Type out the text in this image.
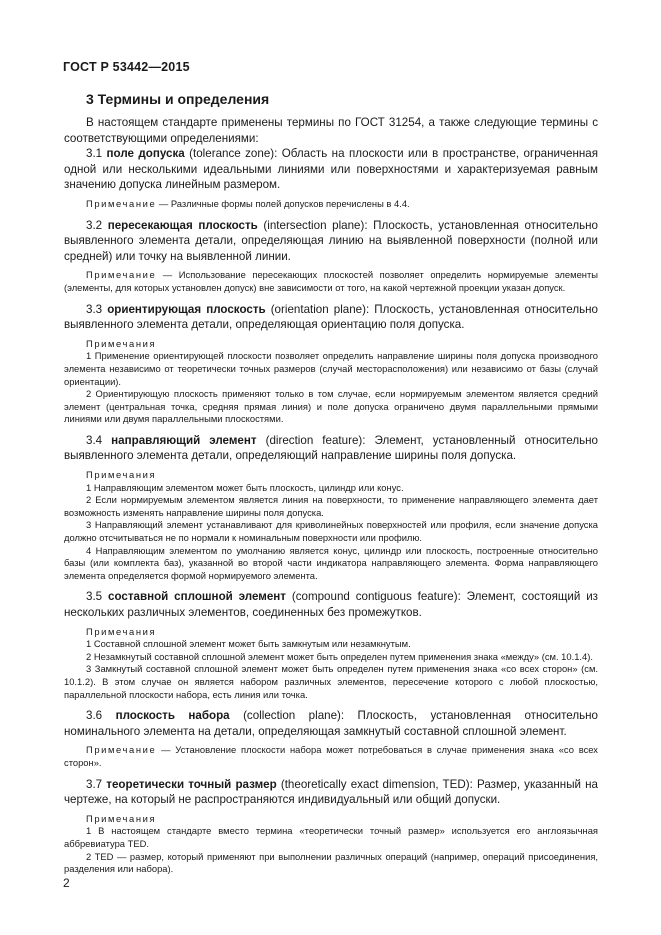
ГОСТ Р 53442—2015
3 Термины и определения

В настоящем стандарте применены термины по ГОСТ 31254, а также следующие термины с соответствующими определениями:

3.1 поле допуска (tolerance zone): Область на плоскости или в пространстве, ограниченная одной или несколькими идеальными линиями или поверхностями и характеризуемая равным значению допуска линейным размером.

Примечание — Различные формы полей допусков перечислены в 4.4.

3.2 пересекающая плоскость (intersection plane): Плоскость, установленная относительно выявленного элемента детали, определяющая линию на выявленной поверхности (полной или средней) или точку на выявленной линии.

Примечание — Использование пересекающих плоскостей позволяет определить нормируемые элементы (элементы, для которых установлен допуск) вне зависимости от того, на какой чертежной проекции указан допуск.

3.3 ориентирующая плоскость (orientation plane): Плоскость, установленная относительно выявленного элемента детали, определяющая ориентацию поля допуска.

Примечания

1 Применение ориентирующей плоскости позволяет определить направление ширины поля допуска производного элемента независимо от теоретически точных размеров (случай месторасположения) или независимо от базы (случай ориентации).

2 Ориентирующую плоскость применяют только в том случае, если нормируемым элементом является средний элемент (центральная точка, средняя прямая линия) и поле допуска ограничено двумя параллельными прямыми линиями или двумя параллельными плоскостями.

3.4 направляющий элемент (direction feature): Элемент, установленный относительно выявленного элемента детали, определяющий направление ширины поля допуска.

Примечания

1 Направляющим элементом может быть плоскость, цилиндр или конус.

2 Если нормируемым элементом является линия на поверхности, то применение направляющего элемента дает возможность изменять направление ширины поля допуска.

3 Направляющий элемент устанавливают для криволинейных поверхностей или профиля, если значение допуска должно отсчитываться не по нормали к номинальным поверхности или профилю.

4 Направляющим элементом по умолчанию является конус, цилиндр или плоскость, построенные относительно базы (или комплекта баз), указанной во второй части индикатора направляющего элемента. Форма направляющего элемента определяется формой нормируемого элемента.

3.5 составной сплошной элемент (compound contiguous feature): Элемент, состоящий из нескольких различных элементов, соединенных без промежутков.

Примечания

1 Составной сплошной элемент может быть замкнутым или незамкнутым.

2 Незамкнутый составной сплошной элемент может быть определен путем применения знака «между» (см. 10.1.4).

3 Замкнутый составной сплошной элемент может быть определен путем применения знака «со всех сторон» (см. 10.1.2). В этом случае он является набором различных элементов, пересечение которого с любой плоскостью, параллельной плоскости набора, есть линия или точка.

3.6 плоскость набора (collection plane): Плоскость, установленная относительно номинального элемента на детали, определяющая замкнутый составной сплошной элемент.

Примечание — Установление плоскости набора может потребоваться в случае применения знака «со всех сторон».

3.7 теоретически точный размер (theoretically exact dimension, TED): Размер, указанный на чертеже, на который не распространяются индивидуальный или общий допуски.

Примечания

1 В настоящем стандарте вместо термина «теоретически точный размер» используется его англоязычная аббревиатура TED.

2 TED — размер, который применяют при выполнении различных операций (например, операций присоединения, разделения или набора).

2
